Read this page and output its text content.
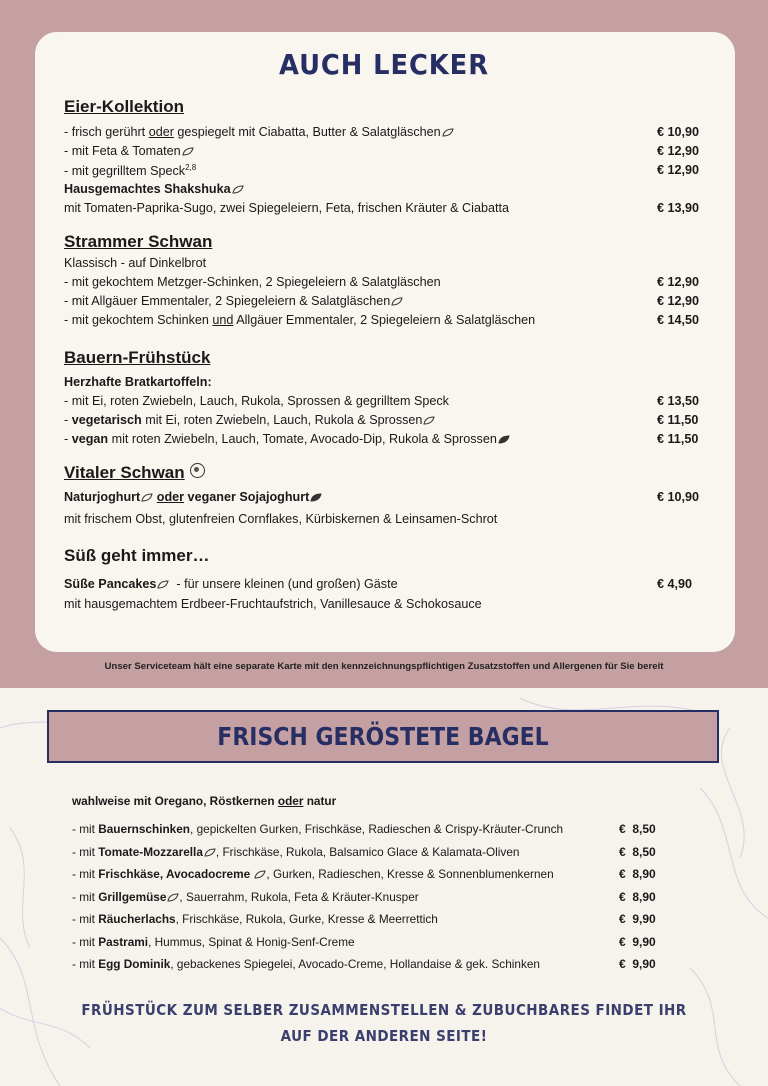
AUCH LECKER
Eier-Kollektion
- frisch gerührt oder gespiegelt mit Ciabatta, Butter & Salatgläschen	€ 10,90
- mit Feta & Tomaten	€ 12,90
- mit gegrilltem Speck$^{2,8}$	€ 12,90
Hausgemachtes Shakshuka
mit Tomaten-Paprika-Sugo, zwei Spiegeleiern, Feta, frischen Kräuter & Ciabatta	€ 13,90
Strammer Schwan
Klassisch - auf Dinkelbrot
- mit gekochtem Metzger-Schinken, 2 Spiegeleiern & Salatgläschen	€ 12,90
- mit Allgäuer Emmentaler, 2 Spiegeleiern & Salatgläschen	€ 12,90
- mit gekochtem Schinken und Allgäuer Emmentaler, 2 Spiegeleiern & Salatgläschen	€ 14,50
Bauern-Frühstück
Herzhafte Bratkartoffeln:
- mit Ei, roten Zwiebeln, Lauch, Rukola, Sprossen & gegrilltem Speck	€ 13,50
- vegetarisch mit Ei, roten Zwiebeln, Lauch, Rukola & Sprossen	€ 11,50
- vegan mit roten Zwiebeln, Lauch, Tomate, Avocado-Dip, Rukola & Sprossen	€ 11,50
Vitaler Schwan
Naturjoghurt oder veganer Sojajoghurt	€ 10,90
mit frischem Obst, glutenfreien Cornflakes, Kürbiskernen & Leinsamen-Schrot
Süß geht immer…
Süße Pancakes  - für unsere kleinen (und großen) Gäste	€ 4,90
mit hausgemachtem Erdbeer-Fruchtaufstrich, Vanillesauce & Schokosauce
Unser Serviceteam hält eine separate Karte mit den kennzeichnungspflichtigen Zusatzstoffen und Allergenen für Sie bereit
FRISCH GERÖSTETE BAGEL
wahlweise mit Oregano, Röstkernen oder natur
- mit Bauernschinken, gepickelten Gurken, Frischkäse, Radieschen & Crispy-Kräuter-Crunch	€  8,50
- mit Tomate-Mozzarella , Frischkäse, Rukola, Balsamico Glace & Kalamata-Oliven	€  8,50
- mit Frischkäse, Avocadocreme , Gurken, Radieschen, Kresse & Sonnenblumenkernen	€  8,90
- mit Grillgemüse , Sauerrahm, Rukola, Feta & Kräuter-Knusper	€  8,90
- mit Räucherlachs, Frischkäse, Rukola, Gurke, Kresse & Meerrettich	€  9,90
- mit Pastrami, Hummus, Spinat & Honig-Senf-Creme	€  9,90
- mit Egg Dominik, gebackenes Spiegelei, Avocado-Creme, Hollandaise & gek. Schinken	€  9,90
FRÜHSTÜCK ZUM SELBER ZUSAMMENSTELLEN & ZUBUCHBARES FINDET IHR
AUF DER ANDEREN SEITE!
